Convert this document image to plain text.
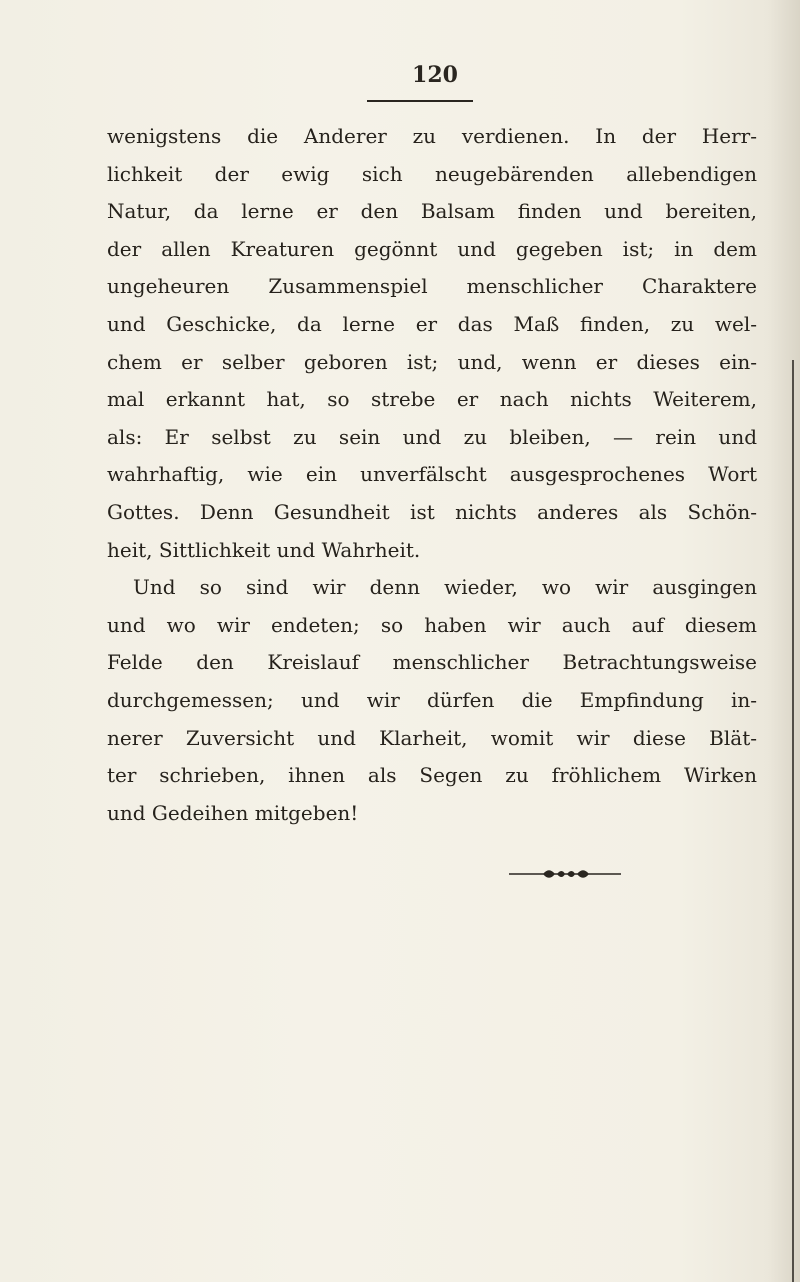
120
wenigstens die Anderer zu verdienen. In der Herr-
lichkeit der ewig sich neugebärenden allebendigen
Natur, da lerne er den Balsam finden und bereiten,
der allen Kreaturen gegönnt und gegeben ist; in dem
ungeheuren Zusammenspiel menschlicher Charaktere
und Geschicke, da lerne er das Maß finden, zu wel-
chem er selber geboren ist; und, wenn er dieses ein-
mal erkannt hat, so strebe er nach nichts Weiterem,
als: Er selbst zu sein und zu bleiben, — rein und
wahrhaftig, wie ein unverfälscht ausgesprochenes Wort
Gottes. Denn Gesundheit ist nichts anderes als Schön-
heit, Sittlichkeit und Wahrheit.
Und so sind wir denn wieder, wo wir ausgingen
und wo wir endeten; so haben wir auch auf diesem
Felde den Kreislauf menschlicher Betrachtungsweise
durchgemessen; und wir dürfen die Empfindung in-
nerer Zuversicht und Klarheit, womit wir diese Blät-
ter schrieben, ihnen als Segen zu fröhlichem Wirken
und Gedeihen mitgeben!
